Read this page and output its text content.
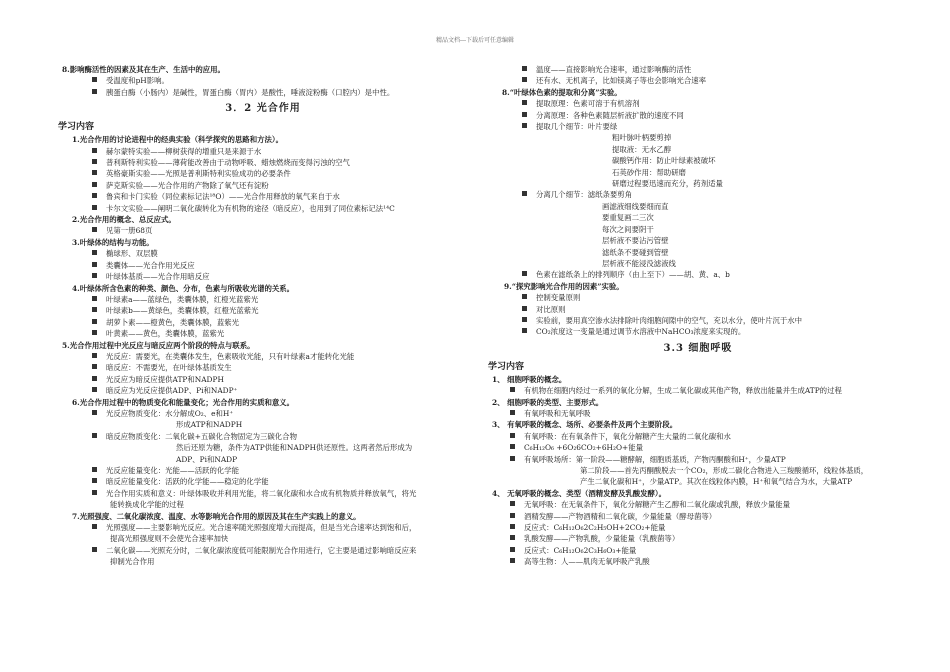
精品文档---下载后可任意编辑
8.影响酶活性的因素及其在生产、生活中的应用。
受温度和pH影响。
胰蛋白酶（小肠内）是碱性，胃蛋白酶（胃内）是酸性，唾液淀粉酶（口腔内）是中性。
3．2 光合作用
学习内容
1.光合作用的讨论进程中的经典实验（科学探究的思路和方法）。
赫尔蒙特实验——柳树获得的增重只是来源于水
普利斯特利实验——薄荷能改善由于动物呼吸、蜡烛燃烧而变得污浊的空气
英格豪斯实验——光照是普利斯特利实验成功的必要条件
萨克斯实验——光合作用的产物除了氧气还有淀粉
鲁宾和卡门实验（同位素标记法¹⁸O）——光合作用释放的氧气来自于水
卡尔文实验——阐明二氧化碳转化为有机物的途径（暗反应），也用到了同位素标记法¹⁴C
2.光合作用的概念、总反应式。
见第一册68页
3.叶绿体的结构与功能。
椭球形、双层膜
类囊体——光合作用光反应
叶绿体基质——光合作用暗反应
4.叶绿体所含色素的种类、颜色、分布，色素与所吸收光谱的关系。
叶绿素a——蓝绿色，类囊体膜，红橙光蓝紫光
叶绿素b——黄绿色，类囊体膜，红橙光蓝紫光
胡萝卜素——橙黄色，类囊体膜，蓝紫光
叶黄素——黄色，类囊体膜，蓝紫光
5.光合作用过程中光反应与暗反应两个阶段的特点与联系。
光反应：需要光，在类囊体发生，色素吸收光能，只有叶绿素a才能转化光能
暗反应：不需要光，在叶绿体基质发生
光反应为暗反应提供ATP和NADPH
暗反应为光反应提供ADP、Pi和NADP⁺
6.光合作用过程中的物质变化和能量变化；光合作用的实质和意义。
光反应物质变化：水分解成O₂、e和H⁺
形成ATP和NADPH
暗反应物质变化：二氧化碳+五碳化合物固定为三碳化合物
然后还原为糖，条件为ATP供能和NADPH供还原性。这两者然后形成为
ADP、Pi和NADP
光反应能量变化：光能——活跃的化学能
暗反应能量变化：活跃的化学能——稳定的化学能
光合作用实质和意义：叶绿体吸收并利用光能，将二氧化碳和水合成有机物质并释放氧气，将光
能转换成化学能的过程
7.光照强度、二氧化碳浓度、温度、水等影响光合作用的原因及其在生产实践上的意义。
光照强度——主要影响光反应。光合速率随光照强度增大而提高，但是当光合速率达到饱和后，
提高光照强度则不会使光合速率加快
二氧化碳——光照充分时，二氧化碳浓度低可能限制光合作用进行，它主要是通过影响暗反应来
抑制光合作用
温度——直接影响光合速率，通过影响酶的活性
还有水、无机离子，比如镁离子等也会影响光合速率
8.“叶绿体色素的提取和分离”实验。
提取原理：色素可溶于有机溶剂
分离原理：各种色素随层析液扩散的速度不同
提取几个细节：叶片要绿
粗叶脉叶柄要剪掉
提取液：无水乙醇
碳酸钙作用：防止叶绿素被破坏
石英砂作用：帮助研磨
研磨过程要迅速而充分，药剂适量
分离几个细节：滤纸条要剪角
画滤液细线要细而直
要重复画二三次
每次之间要阴干
层析液不要沾污管壁
滤纸条不要碰到管壁
层析液不能浸没滤液线
色素在滤纸条上的排列顺序（由上至下）——胡、黄、a、b
9.“探究影响光合作用的因素”实验。
控制变量原则
对比原则
实验前，要用真空渗水法排除叶肉细胞间隙中的空气，充以水分，使叶片沉于水中
CO₂浓度这一变量是通过调节水溶液中NaHCO₃浓度来实现的。
3.3 细胞呼吸
学习内容
1、 细胞呼吸的概念。
有机物在细胞内经过一系列的氧化分解，生成二氧化碳或其他产物，释放出能量并生成ATP的过程
2、 细胞呼吸的类型、主要形式。
有氧呼吸和无氧呼吸
3、 有氧呼吸的概念、场所、必要条件及两个主要阶段。
有氧呼吸：在有氧条件下，氧化分解糖产生大量的二氧化碳和水
C₆H₁₂O₆ +6O₂6CO₂+6H₂O+能量
有氧呼吸场所：第一阶段——糖酵解，细胞质基质，产物丙酮酸和H⁺，少量ATP
第二阶段——首先丙酮酸脱去一个CO₂，形成二碳化合物进入三羧酸循环，线粒体基质，
产生二氧化碳和H⁺，少量ATP。其次在线粒体内膜，H⁺和氧气结合为水，大量ATP
4、 无氧呼吸的概念、类型（酒精发酵及乳酸发酵）。
无氧呼吸：在无氧条件下，氧化分解糖产生乙醇和二氧化碳或乳酸，释放少量能量
酒精发酵——产物酒精和二氧化碳，少量能量（酵母菌等）
反应式：C₆H₁₂O₆2C₂H₅OH+2CO₂+能量
乳酸发酵——产物乳酸，少量能量（乳酸菌等）
反应式：C₆H₁₂O₆2C₃H₆O₃+能量
高等生物：人——肌肉无氧呼吸产乳酸
